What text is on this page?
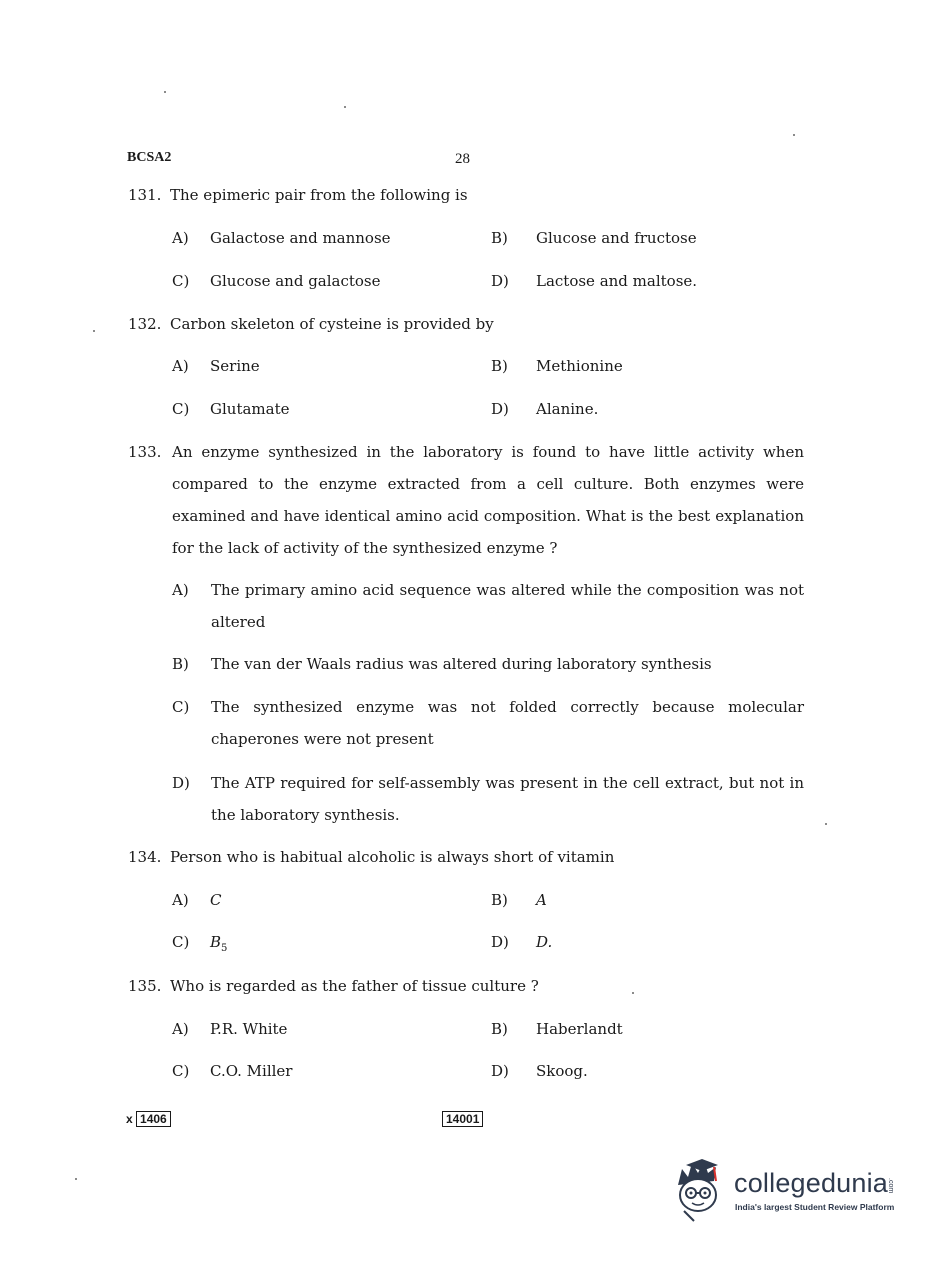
BCSA2	28
131. The epimeric pair from the following is
A) Galactose and mannose	B) Glucose and fructose
C) Glucose and galactose	D) Lactose and maltose.
132. Carbon skeleton of cysteine is provided by
A) Serine	B) Methionine
C) Glutamate	D) Alanine.
133. An enzyme synthesized in the laboratory is found to have little activity when compared to the enzyme extracted from a cell culture. Both enzymes were examined and have identical amino acid composition. What is the best explanation for the lack of activity of the synthesized enzyme ?
A)	The primary amino acid sequence was altered while the composition was not altered
B)	The van der Waals radius was altered during laboratory synthesis
C)	The synthesized enzyme was not folded correctly because molecular chaperones were not present
D)	The ATP required for self-assembly was present in the cell extract, but not in the laboratory synthesis.
134. Person who is habitual alcoholic is always short of vitamin
A) C	B) A
C) $B_5$	D) D.
135. Who is regarded as the father of tissue culture ?
A) P.R. White	B) Haberlandt
C) C.O. Miller	D) Skoog.
x 1406	14001
collegedunia
.com
India's largest Student Review Platform
